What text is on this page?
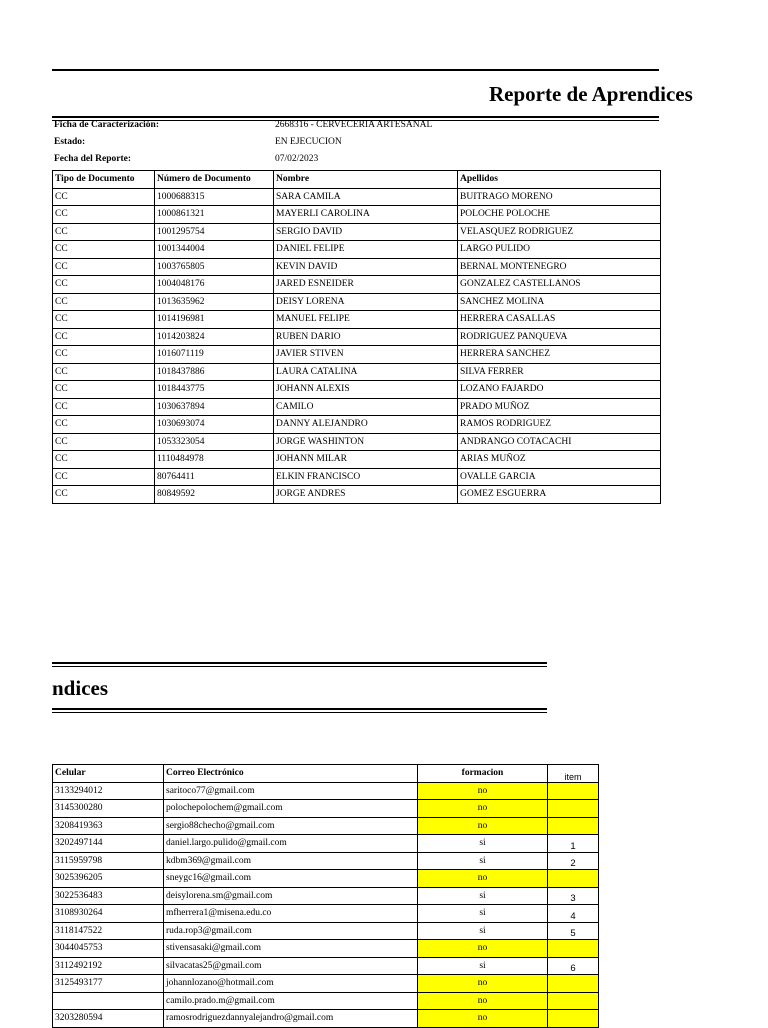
Reporte de Aprendices
Ficha de Caracterización:	2668316 - CERVECERIA ARTESANAL
Estado:	EN EJECUCION
Fecha del Reporte:	07/02/2023
Tipo de Documento	Número de Documento	Nombre	Apellidos
CC	1000688315	SARA CAMILA	BUITRAGO MORENO
CC	1000861321	MAYERLI CAROLINA	POLOCHE POLOCHE
CC	1001295754	SERGIO DAVID	VELASQUEZ RODRIGUEZ
CC	1001344004	DANIEL FELIPE	LARGO PULIDO
CC	1003765805	KEVIN DAVID	BERNAL MONTENEGRO
CC	1004048176	JARED ESNEIDER	GONZALEZ CASTELLANOS
CC	1013635962	DEISY LORENA	SANCHEZ MOLINA
CC	1014196981	MANUEL FELIPE	HERRERA CASALLAS
CC	1014203824	RUBEN DARIO	RODRIGUEZ PANQUEVA
CC	1016071119	JAVIER STIVEN	HERRERA SANCHEZ
CC	1018437886	LAURA CATALINA	SILVA FERRER
CC	1018443775	JOHANN ALEXIS	LOZANO FAJARDO
CC	1030637894	CAMILO	PRADO MUÑOZ
CC	1030693074	DANNY ALEJANDRO	RAMOS RODRIGUEZ
CC	1053323054	JORGE WASHINTON	ANDRANGO COTACACHI
CC	1110484978	JOHANN MILAR	ARIAS MUÑOZ
CC	80764411	ELKIN FRANCISCO	OVALLE GARCIA
CC	80849592	JORGE ANDRES	GOMEZ ESGUERRA
ndices
Celular	Correo Electrónico	formacion	item
3133294012	saritoco77@gmail.com	no	
3145300280	polochepolochem@gmail.com	no	
3208419363	sergio88chechо@gmail.com	no	
3202497144	daniel.largo.pulido@gmail.com	si	1
3115959798	kdbm369@gmail.com	si	2
3025396205	sneygc16@gmail.com	no	
3022536483	deisylorena.sm@gmail.com	si	3
3108930264	mfherrera1@misena.edu.co	si	4
3118147522	ruda.rop3@gmail.com	si	5
3044045753	stivensasaki@gmail.com	no	
3112492192	silvacatas25@gmail.com	si	6
3125493177	johannlozano@hotmail.com	no	
	camilo.prado.m@gmail.com	no	
3203280594	ramosrodriguezdannyalejandro@gmail.com	no	
